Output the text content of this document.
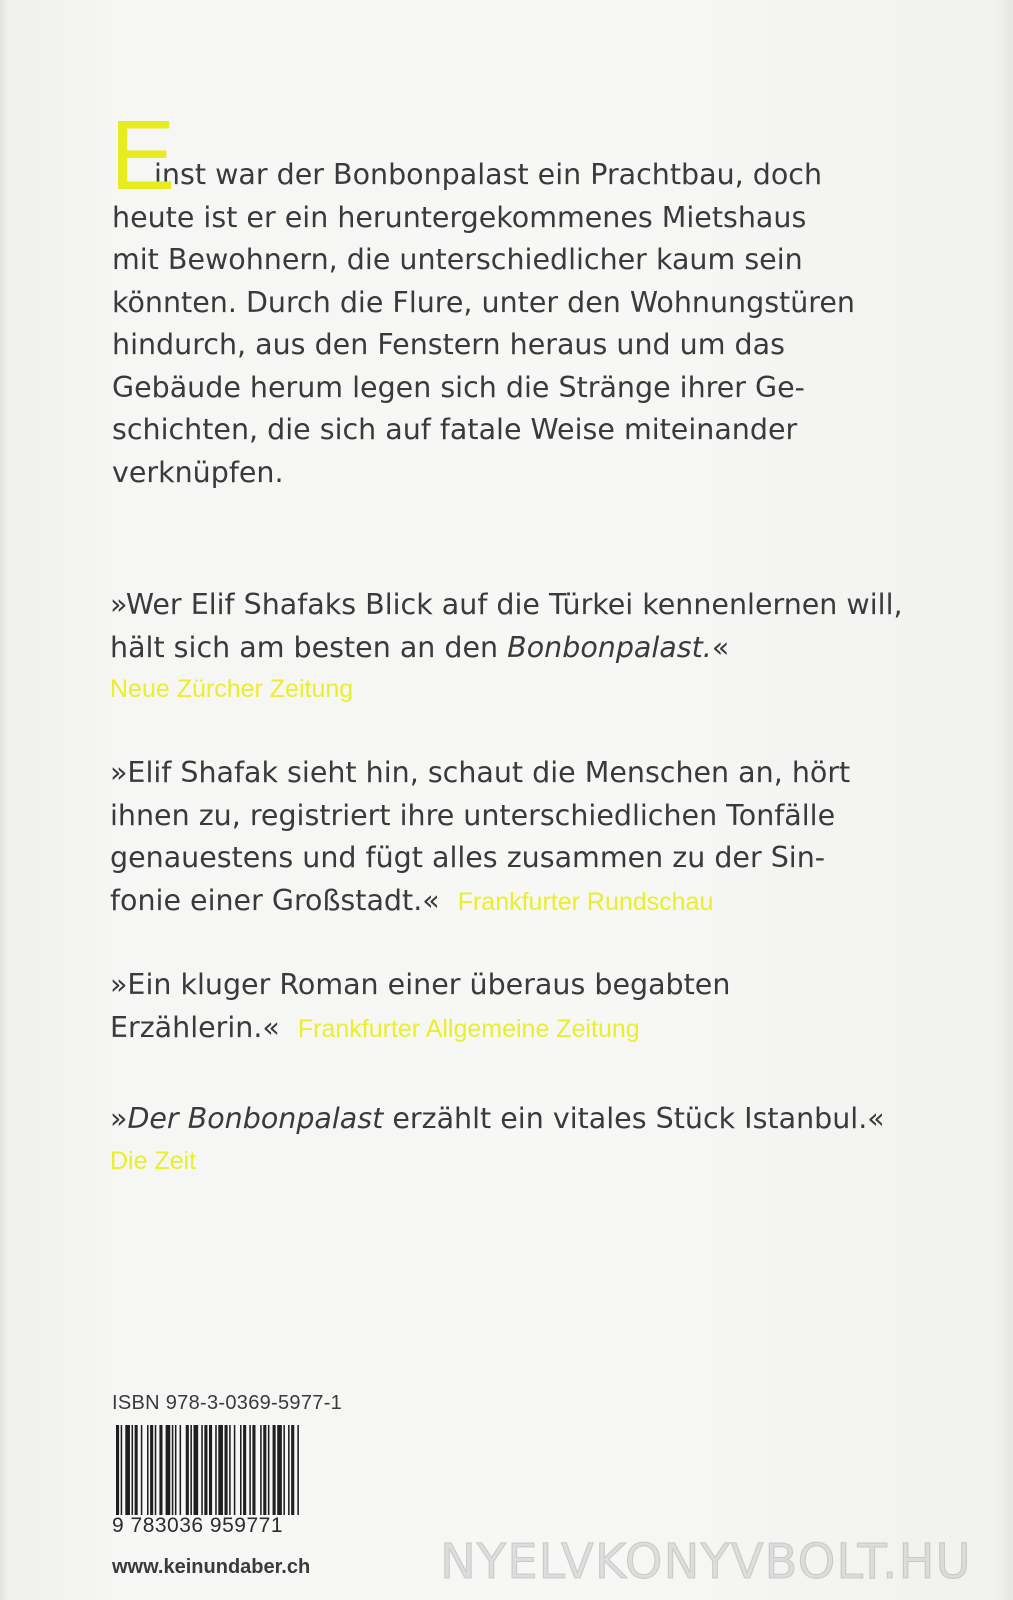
E
inst war der Bonbonpalast ein Prachtbau, doch
heute ist er ein heruntergekommenes Mietshaus
mit Bewohnern, die unterschiedlicher kaum sein
könnten. Durch die Flure, unter den Wohnungstüren
hindurch, aus den Fenstern heraus und um das
Gebäude herum legen sich die Stränge ihrer Ge-
schichten, die sich auf fatale Weise miteinander
verknüpfen.
»Wer Elif Shafaks Blick auf die Türkei kennenlernen will,
hält sich am besten an den Bonbonpalast.«
Neue Zürcher Zeitung
»Elif Shafak sieht hin, schaut die Menschen an, hört
ihnen zu, registriert ihre unterschiedlichen Tonfälle
genauestens und fügt alles zusammen zu der Sin-
fonie einer Großstadt.« Frankfurter Rundschau
»Ein kluger Roman einer überaus begabten
Erzählerin.« Frankfurter Allgemeine Zeitung
»Der Bonbonpalast erzählt ein vitales Stück Istanbul.«
Die Zeit
ISBN 978-3-0369-5977-1
9 783036 959771
www.keinundaber.ch	NYELVKONYVBOLT.HU
